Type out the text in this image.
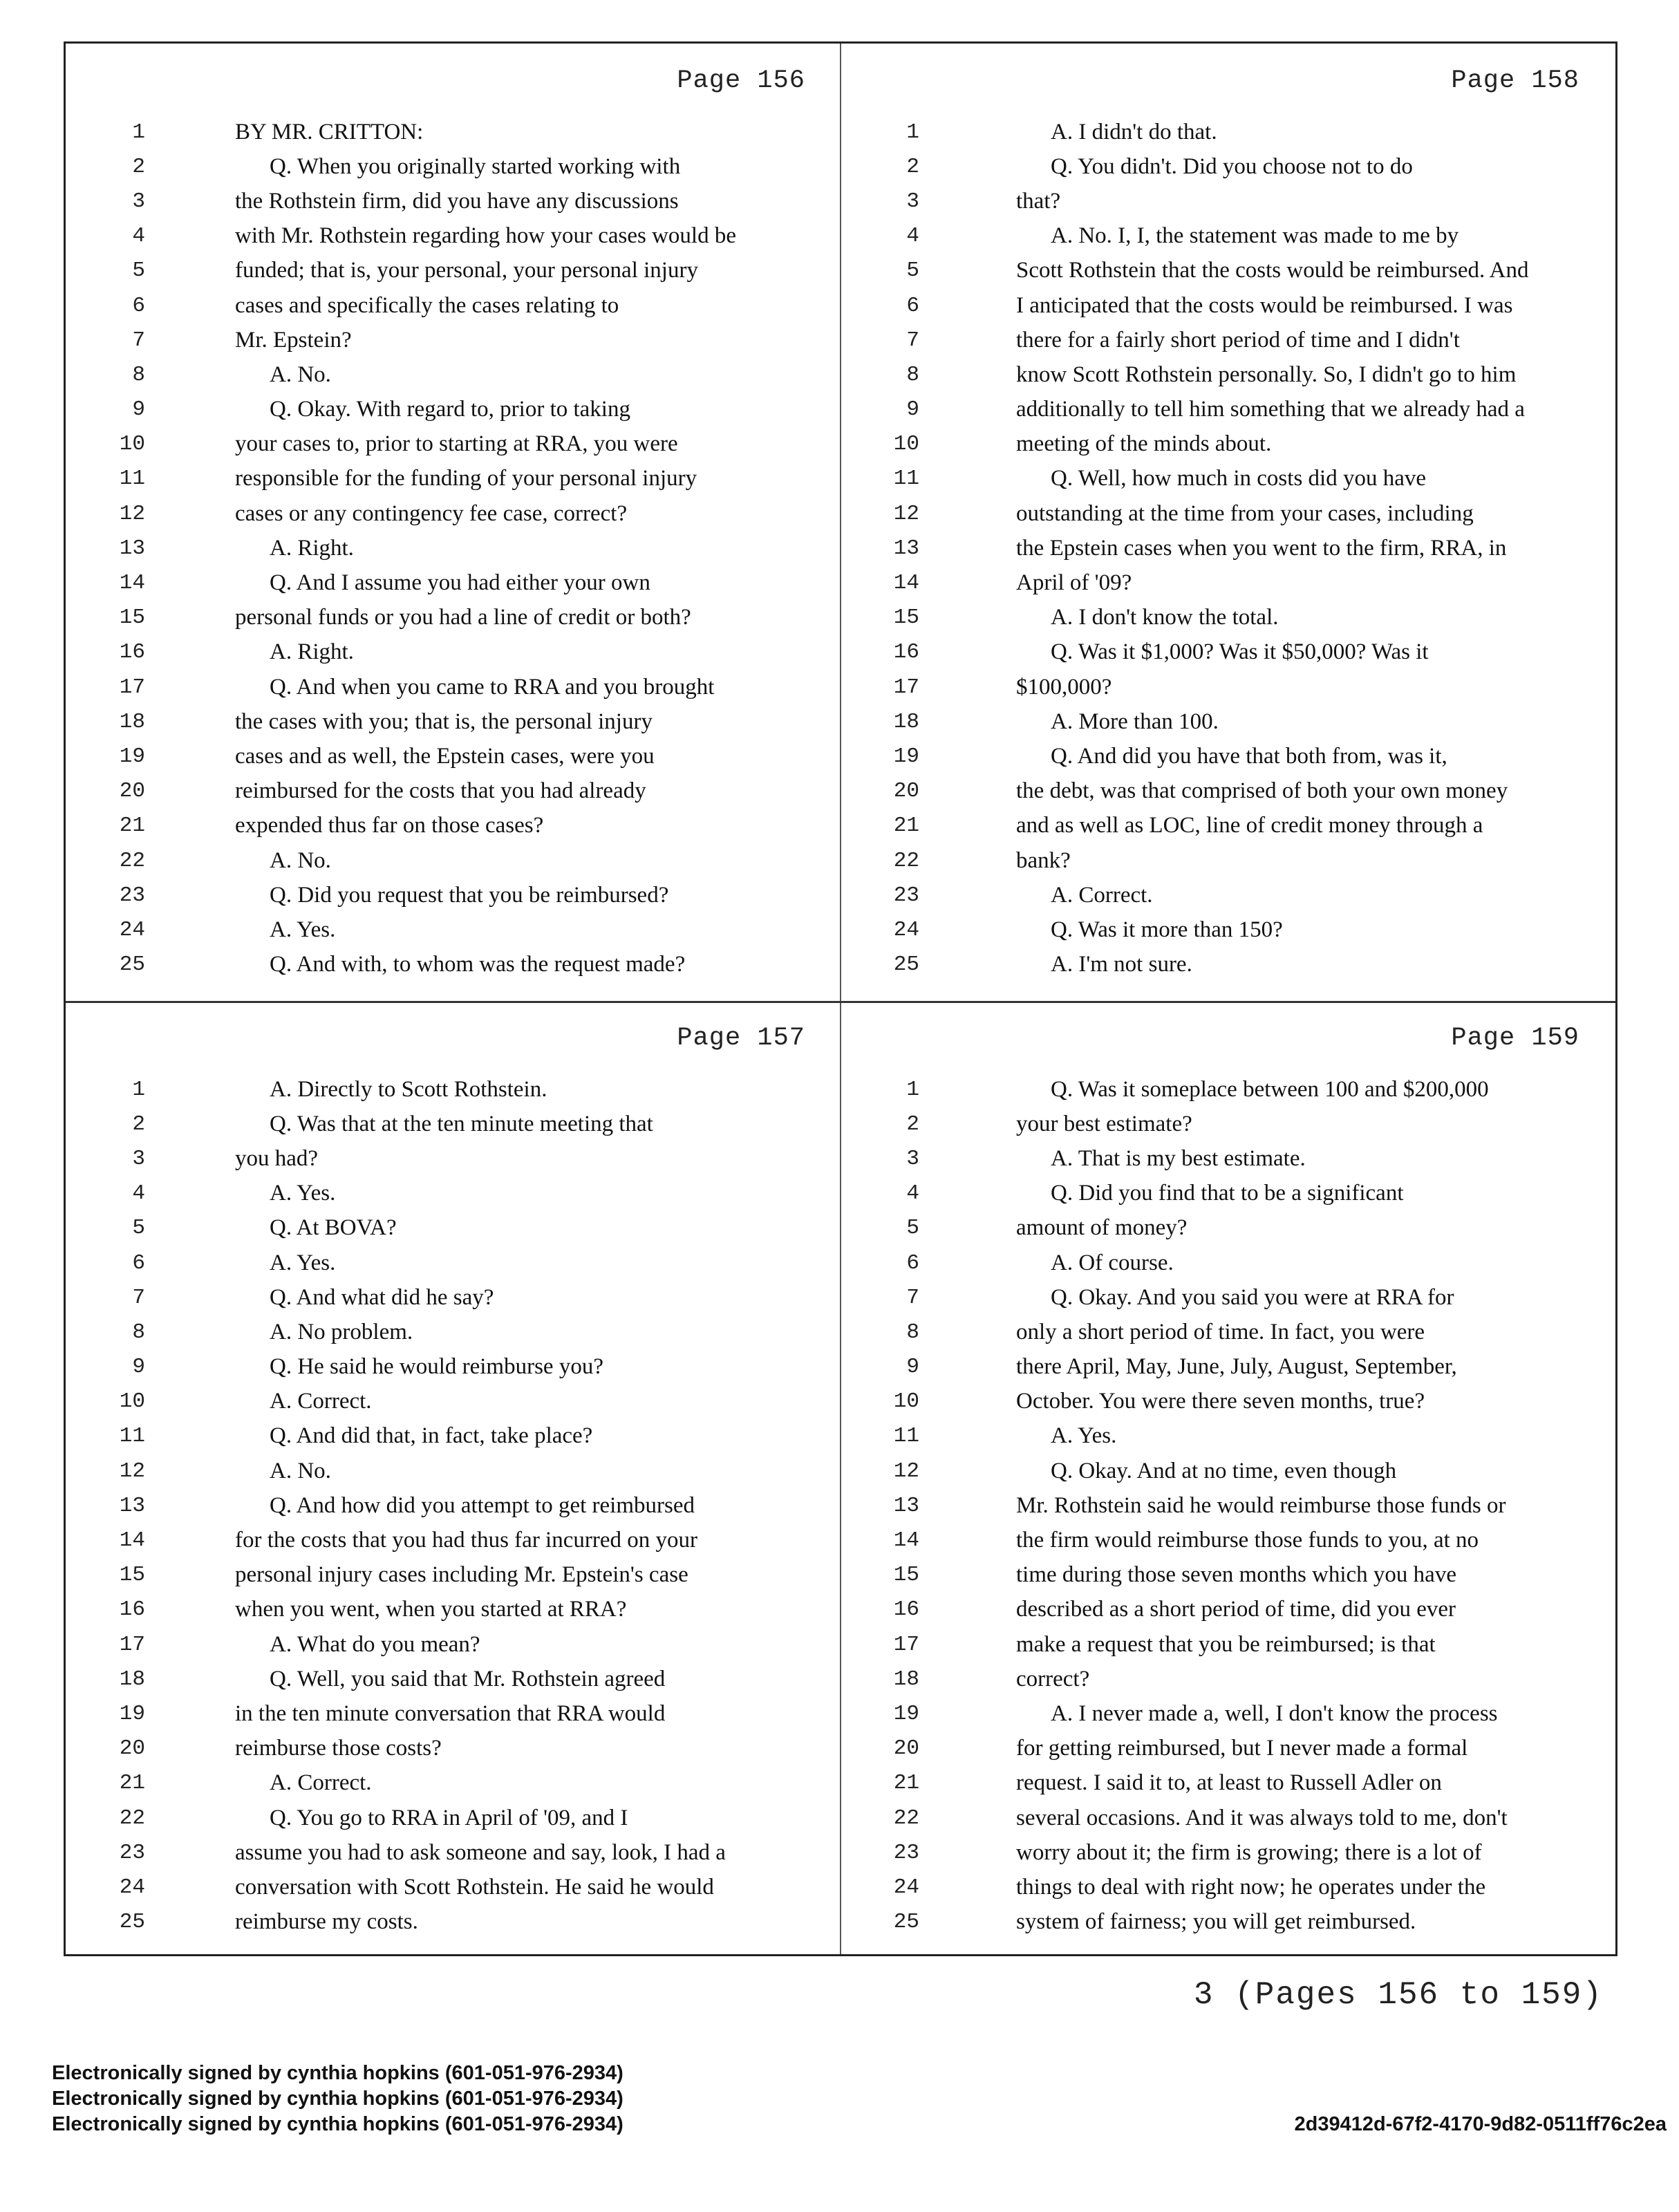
Page 156
1	BY MR. CRITTON:
2	Q. When you originally started working with
3	the Rothstein firm, did you have any discussions
4	with Mr. Rothstein regarding how your cases would be
5	funded; that is, your personal, your personal injury
6	cases and specifically the cases relating to
7	Mr. Epstein?
8	A. No.
9	Q. Okay. With regard to, prior to taking
10	your cases to, prior to starting at RRA, you were
11	responsible for the funding of your personal injury
12	cases or any contingency fee case, correct?
13	A. Right.
14	Q. And I assume you had either your own
15	personal funds or you had a line of credit or both?
16	A. Right.
17	Q. And when you came to RRA and you brought
18	the cases with you; that is, the personal injury
19	cases and as well, the Epstein cases, were you
20	reimbursed for the costs that you had already
21	expended thus far on those cases?
22	A. No.
23	Q. Did you request that you be reimbursed?
24	A. Yes.
25	Q. And with, to whom was the request made?
Page 158
1	A. I didn't do that.
2	Q. You didn't. Did you choose not to do
3	that?
4	A. No. I, I, the statement was made to me by
5	Scott Rothstein that the costs would be reimbursed. And
6	I anticipated that the costs would be reimbursed. I was
7	there for a fairly short period of time and I didn't
8	know Scott Rothstein personally. So, I didn't go to him
9	additionally to tell him something that we already had a
10	meeting of the minds about.
11	Q. Well, how much in costs did you have
12	outstanding at the time from your cases, including
13	the Epstein cases when you went to the firm, RRA, in
14	April of '09?
15	A. I don't know the total.
16	Q. Was it $1,000? Was it $50,000? Was it
17	$100,000?
18	A. More than 100.
19	Q. And did you have that both from, was it,
20	the debt, was that comprised of both your own money
21	and as well as LOC, line of credit money through a
22	bank?
23	A. Correct.
24	Q. Was it more than 150?
25	A. I'm not sure.
Page 157
1	A. Directly to Scott Rothstein.
2	Q. Was that at the ten minute meeting that
3	you had?
4	A. Yes.
5	Q. At BOVA?
6	A. Yes.
7	Q. And what did he say?
8	A. No problem.
9	Q. He said he would reimburse you?
10	A. Correct.
11	Q. And did that, in fact, take place?
12	A. No.
13	Q. And how did you attempt to get reimbursed
14	for the costs that you had thus far incurred on your
15	personal injury cases including Mr. Epstein's case
16	when you went, when you started at RRA?
17	A. What do you mean?
18	Q. Well, you said that Mr. Rothstein agreed
19	in the ten minute conversation that RRA would
20	reimburse those costs?
21	A. Correct.
22	Q. You go to RRA in April of '09, and I
23	assume you had to ask someone and say, look, I had a
24	conversation with Scott Rothstein. He said he would
25	reimburse my costs.
Page 159
1	Q. Was it someplace between 100 and $200,000
2	your best estimate?
3	A. That is my best estimate.
4	Q. Did you find that to be a significant
5	amount of money?
6	A. Of course.
7	Q. Okay. And you said you were at RRA for
8	only a short period of time. In fact, you were
9	there April, May, June, July, August, September,
10	October. You were there seven months, true?
11	A. Yes.
12	Q. Okay. And at no time, even though
13	Mr. Rothstein said he would reimburse those funds or
14	the firm would reimburse those funds to you, at no
15	time during those seven months which you have
16	described as a short period of time, did you ever
17	make a request that you be reimbursed; is that
18	correct?
19	A. I never made a, well, I don't know the process
20	for getting reimbursed, but I never made a formal
21	request. I said it to, at least to Russell Adler on
22	several occasions. And it was always told to me, don't
23	worry about it; the firm is growing; there is a lot of
24	things to deal with right now; he operates under the
25	system of fairness; you will get reimbursed.
3 (Pages 156 to 159)
Electronically signed by cynthia hopkins (601-051-976-2934)
Electronically signed by cynthia hopkins (601-051-976-2934)
Electronically signed by cynthia hopkins (601-051-976-2934)	2d39412d-67f2-4170-9d82-0511ff76c2ea
